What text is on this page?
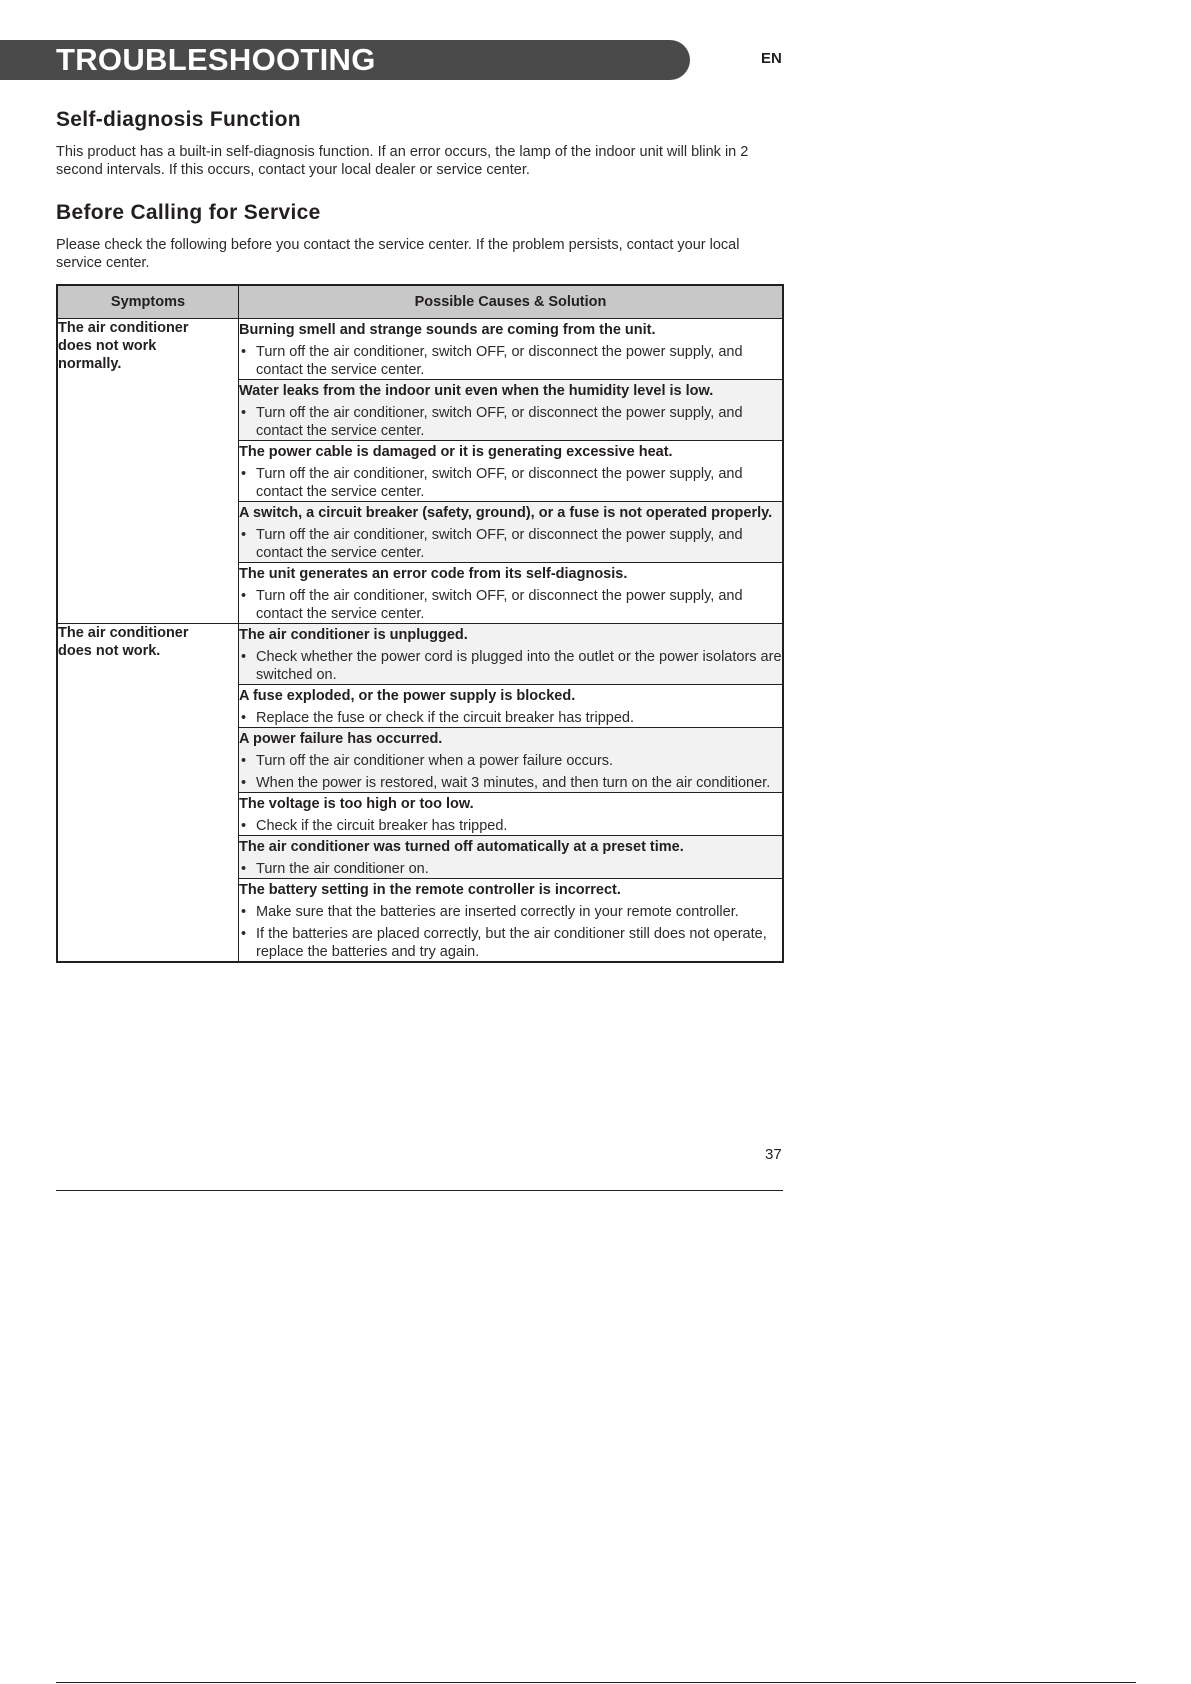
TROUBLESHOOTING	EN
Self-diagnosis Function
This product has a built-in self-diagnosis function. If an error occurs, the lamp of the indoor unit will blink in 2 second intervals. If this occurs, contact your local dealer or service center.
Before Calling for Service
Please check the following before you contact the service center. If the problem persists, contact your local service center.
Symptoms	Possible Causes & Solution

The air conditioner does not work normally.	Burning smell and strange sounds are coming from the unit.
• Turn off the air conditioner, switch OFF, or disconnect the power supply, and contact the service center.

	Water leaks from the indoor unit even when the humidity level is low.
• Turn off the air conditioner, switch OFF, or disconnect the power supply, and contact the service center.

	The power cable is damaged or it is generating excessive heat.
• Turn off the air conditioner, switch OFF, or disconnect the power supply, and contact the service center.

	A switch, a circuit breaker (safety, ground), or a fuse is not operated properly.
• Turn off the air conditioner, switch OFF, or disconnect the power supply, and contact the service center.

	The unit generates an error code from its self-diagnosis.
• Turn off the air conditioner, switch OFF, or disconnect the power supply, and contact the service center.

The air conditioner does not work.	The air conditioner is unplugged.
• Check whether the power cord is plugged into the outlet or the power isolators are switched on.

	A fuse exploded, or the power supply is blocked.
• Replace the fuse or check if the circuit breaker has tripped.

	A power failure has occurred.
• Turn off the air conditioner when a power failure occurs.
• When the power is restored, wait 3 minutes, and then turn on the air conditioner.

	The voltage is too high or too low.
• Check if the circuit breaker has tripped.

	The air conditioner was turned off automatically at a preset time.
• Turn the air conditioner on.

	The battery setting in the remote controller is incorrect.
• Make sure that the batteries are inserted correctly in your remote controller.
• If the batteries are placed correctly, but the air conditioner still does not operate, replace the batteries and try again.
37
